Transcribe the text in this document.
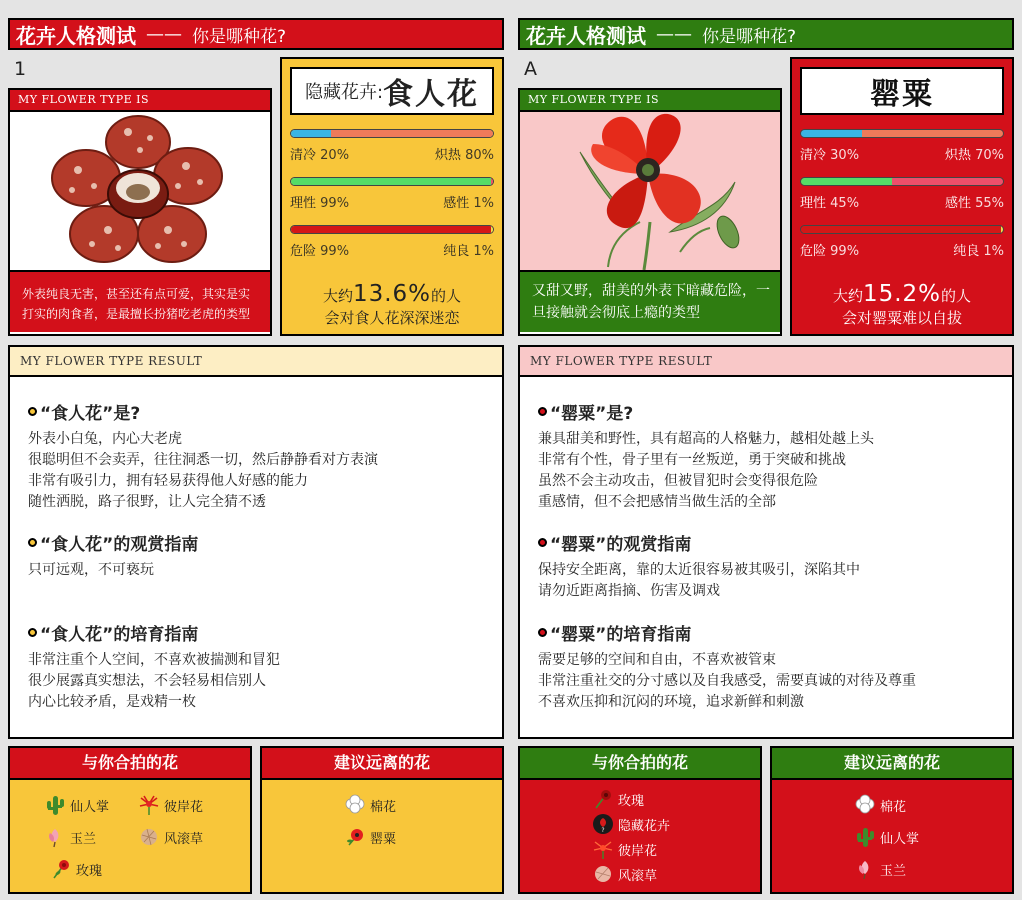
花卉人格测试 —— 你是哪种花?
1
MY FLOWER TYPE IS
外表纯良无害，甚至还有点可爱，其实是实打实的肉食者，是最擅长扮猪吃老虎的类型
隐藏花卉: 食人花
清冷 20%	炽热 80%
理性 99%	感性 1%
危险 99%	纯良 1%
大约13.6%的人
会对食人花深深迷恋
MY FLOWER TYPE RESULT
“食人花”是?
外表小白兔，内心大老虎
很聪明但不会卖弄，往往洞悉一切，然后静静看对方表演
非常有吸引力，拥有轻易获得他人好感的能力
随性洒脱，路子很野，让人完全猜不透
“食人花”的观赏指南
只可远观，不可亵玩
“食人花”的培育指南
非常注重个人空间，不喜欢被揣测和冒犯
很少展露真实想法，不会轻易相信别人
内心比较矛盾，是戏精一枚
与你合拍的花
仙人掌	彼岸花
玉兰	风滚草
玫瑰
建议远离的花
棉花
罂粟
花卉人格测试 —— 你是哪种花?
A
MY FLOWER TYPE IS
又甜又野，甜美的外表下暗藏危险，一旦接触就会彻底上瘾的类型
罂粟
清冷 30%	炽热 70%
理性 45%	感性 55%
危险 99%	纯良 1%
大约15.2%的人
会对罂粟难以自拔
MY FLOWER TYPE RESULT
“罂粟”是?
兼具甜美和野性，具有超高的人格魅力，越相处越上头
非常有个性，骨子里有一丝叛逆，勇于突破和挑战
虽然不会主动攻击，但被冒犯时会变得很危险
重感情，但不会把感情当做生活的全部
“罂粟”的观赏指南
保持安全距离，靠的太近很容易被其吸引，深陷其中
请勿近距离指摘、伤害及调戏
“罂粟”的培育指南
需要足够的空间和自由，不喜欢被管束
非常注重社交的分寸感以及自我感受，需要真诚的对待及尊重
不喜欢压抑和沉闷的环境，追求新鲜和刺激
与你合拍的花
玫瑰
? 隐藏花卉
彼岸花
风滚草
建议远离的花
棉花
仙人掌
玉兰
